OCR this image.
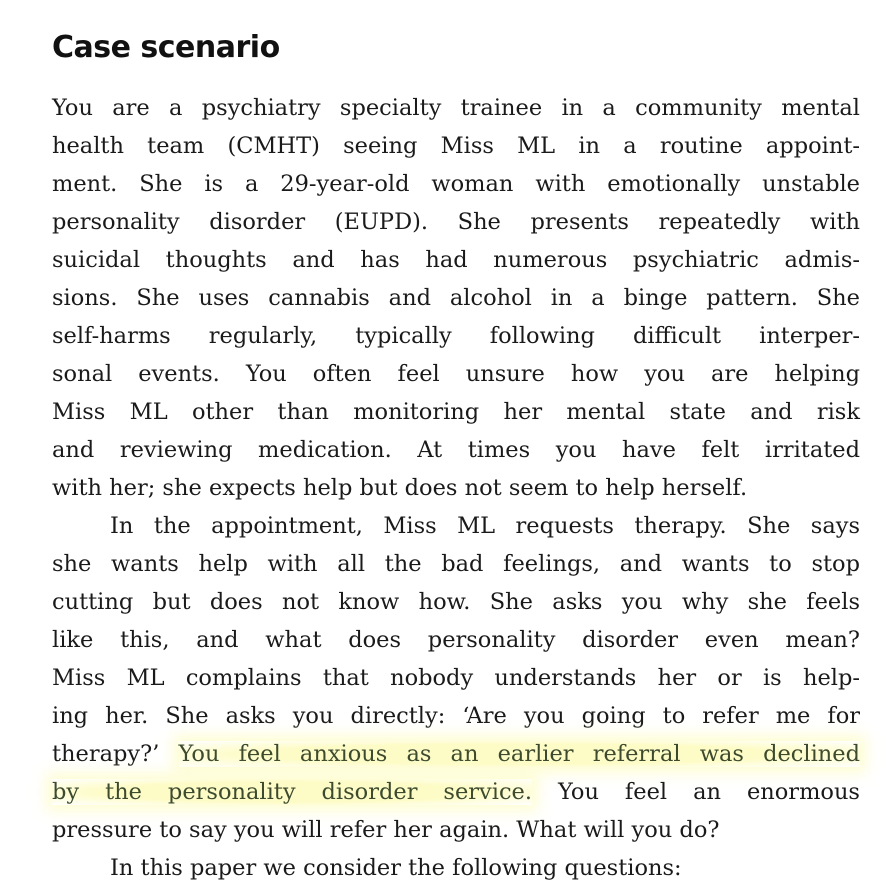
Case scenario

You are a psychiatry specialty trainee in a community mental

health team (CMHT) seeing Miss ML in a routine appoint-

ment. She is a 29-year-old woman with emotionally unstable

personality disorder (EUPD). She presents repeatedly with

suicidal thoughts and has had numerous psychiatric admis-

sions. She uses cannabis and alcohol in a binge pattern. She

self-harms regularly, typically following difficult interper-

sonal events. You often feel unsure how you are helping

Miss ML other than monitoring her mental state and risk

and reviewing medication. At times you have felt irritated

with her; she expects help but does not seem to help herself.

In the appointment, Miss ML requests therapy. She says

she wants help with all the bad feelings, and wants to stop

cutting but does not know how. She asks you why she feels

like this, and what does personality disorder even mean?

Miss ML complains that nobody understands her or is help-

ing her. She asks you directly: ‘Are you going to refer me for

therapy?’ You feel anxious as an earlier referral was declined

by the personality disorder service. You feel an enormous

pressure to say you will refer her again. What will you do?

In this paper we consider the following questions:
